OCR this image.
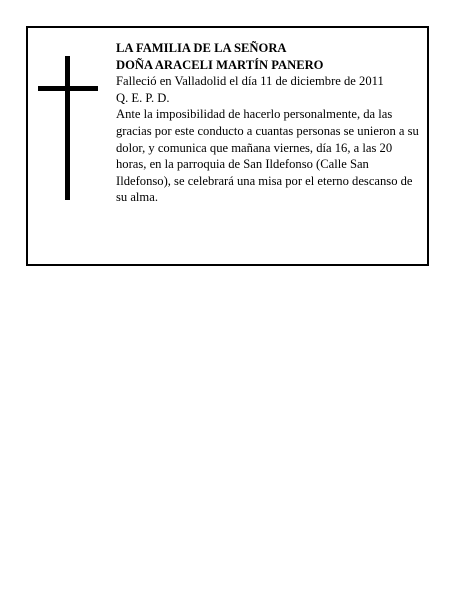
LA FAMILIA DE LA SEÑORA
DOÑA ARACELI MARTÍN PANERO
Falleció en Valladolid el día 11 de diciembre de 2011
Q. E. P. D.

Ante la imposibilidad de hacerlo personalmente, da las gracias por este conducto a cuantas personas se unieron a su dolor, y comunica que mañana viernes, día 16, a las 20 horas, en la parroquia de San Ildefonso (Calle San Ildefonso), se celebrará una misa por el eterno descanso de su alma.
